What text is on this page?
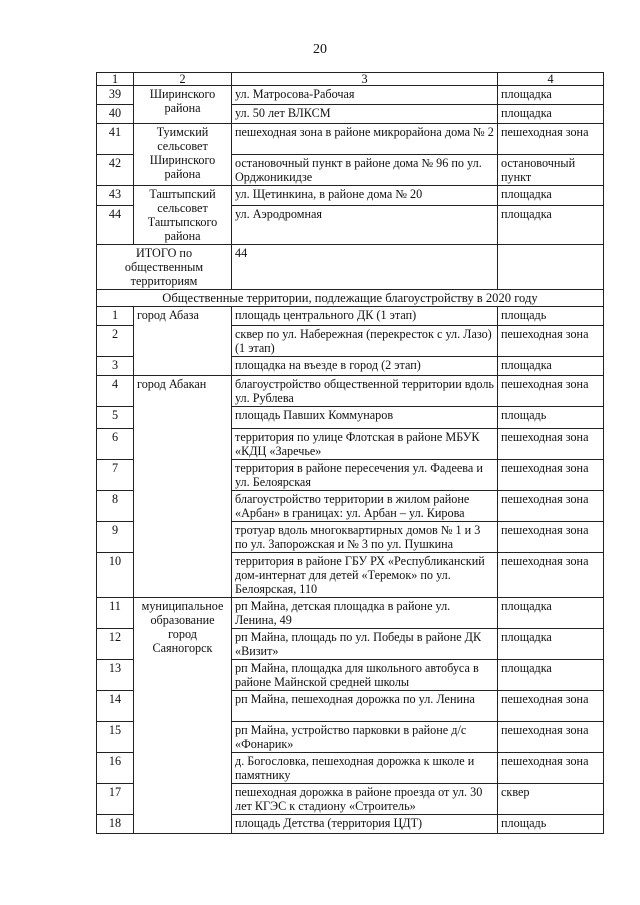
20
1	2	3	4
39	Ширинского района	ул. Матросова-Рабочая	площадка
40		ул. 50 лет ВЛКСМ	площадка
41	Туимский сельсовет Ширинского района	пешеходная зона в районе микрорайона дома № 2	пешеходная зона
42		остановочный пункт в районе дома № 96 по ул. Орджоникидзе	остановочный пункт
43	Таштыпский сельсовет Таштыпского района	ул. Щетинкина, в районе дома № 20	площадка
44		ул. Аэродромная	площадка
ИТОГО по общественным территориям		44	
Общественные территории, подлежащие благоустройству в 2020 году			
1	город Абаза	площадь центрального ДК (1 этап)	площадь
2		сквер по ул. Набережная (перекресток с ул. Лазо) (1 этап)	пешеходная зона
3		площадка на въезде в город (2 этап)	площадка
4	город Абакан	благоустройство общественной территории вдоль ул. Рублева	пешеходная зона
5		площадь Павших Коммунаров	площадь
6		территория по улице Флотская в районе МБУК «КДЦ «Заречье»	пешеходная зона
7		территория в районе пересечения ул. Фадеева и ул. Белоярская	пешеходная зона
8		благоустройство территории в жилом районе «Арбан» в границах: ул. Арбан – ул. Кирова	пешеходная зона
9		тротуар вдоль многоквартирных домов № 1 и 3 по ул. Запорожская и № 3 по ул. Пушкина	пешеходная зона
10		территория в районе ГБУ РХ «Республиканский дом-интернат для детей «Теремок» по ул. Белоярская, 110	пешеходная зона
11	муниципальное образование город Саяногорск	рп Майна, детская площадка в районе ул. Ленина, 49	площадка
12		рп Майна, площадь по ул. Победы в районе ДК «Визит»	площадка
13		рп Майна, площадка для школьного автобуса в районе Майнской средней школы	площадка
14		рп Майна, пешеходная дорожка по ул. Ленина	пешеходная зона
15		рп Майна, устройство парковки в районе д/с «Фонарик»	пешеходная зона
16		д. Богословка, пешеходная дорожка к школе и памятнику	пешеходная зона
17		пешеходная дорожка в районе проезда от ул. 30 лет КГЭС к стадиону «Строитель»	сквер
18		площадь Детства (территория ЦДТ)	площадь
